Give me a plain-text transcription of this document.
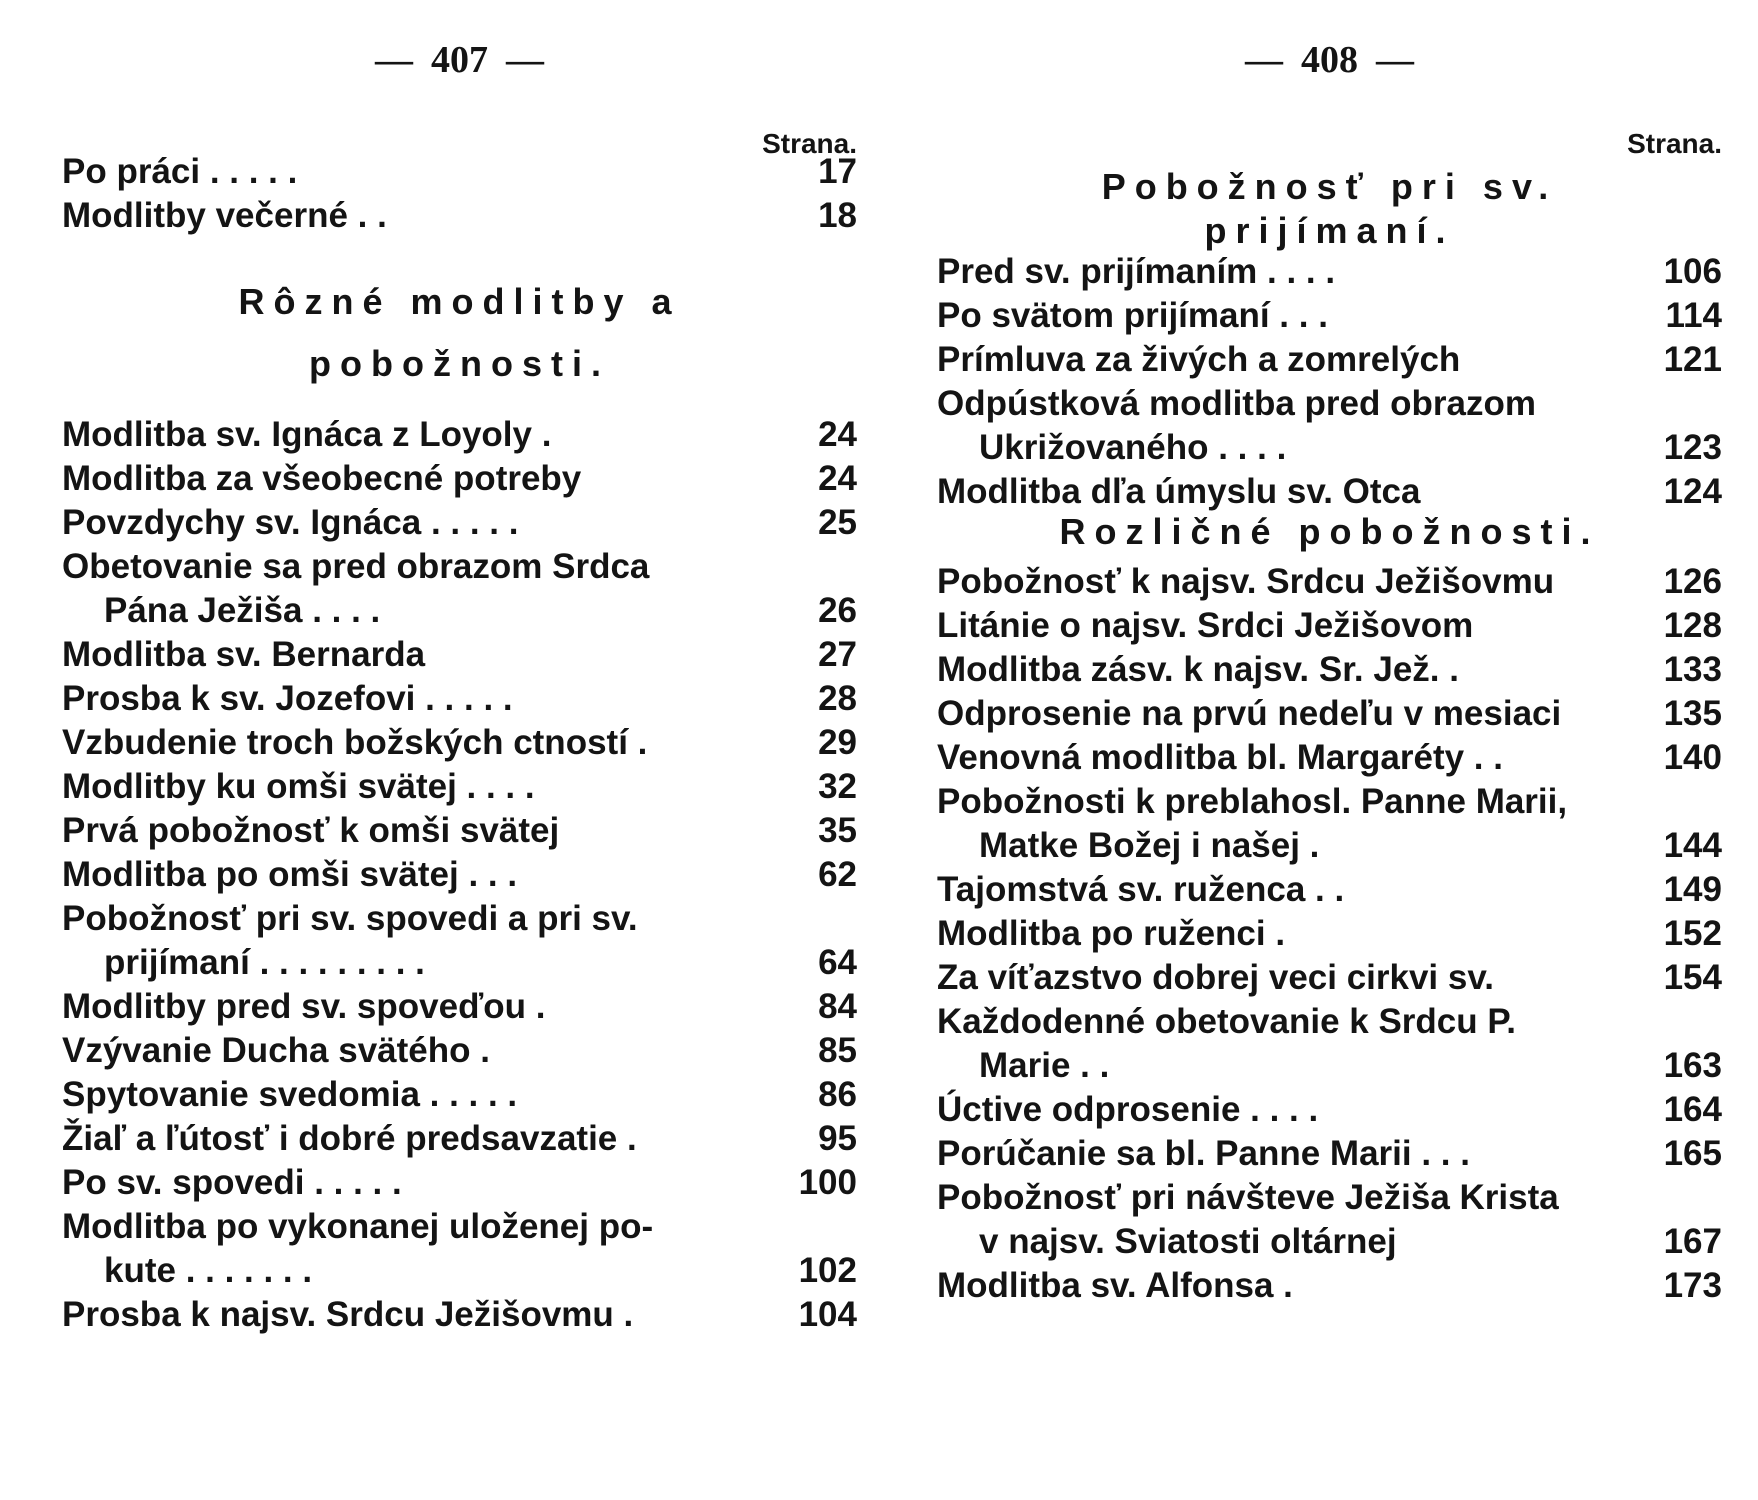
— 407 —
Strana.
Po práci . . . . .	17
Modlitby večerné . .	18
Rôzné modlitby a
pobožnosti.
Modlitba sv. Ignáca z Loyoly .	24
Modlitba za všeobecné potreby	24
Povzdychy sv. Ignáca . . . . .	25
Obetovanie sa pred obrazom Srdca
Pána Ježiša . . . .	26
Modlitba sv. Bernarda	27
Prosba k sv. Jozefovi . . . . .	28
Vzbudenie troch božských ctností .	29
Modlitby ku omši svätej . . . .	32
Prvá pobožnosť k omši svätej	35
Modlitba po omši svätej . . .	62
Pobožnosť pri sv. spovedi a pri sv.
prijímaní . . . . . . . . .	64
Modlitby pred sv. spoveďou .	84
Vzývanie Ducha svätého .	85
Spytovanie svedomia . . . . .	86
Žiaľ a ľútosť i dobré predsavzatie .	95
Po sv. spovedi . . . . .	100
Modlitba po vykonanej uloženej po-
kute . . . . . . .	102
Prosba k najsv. Srdcu Ježišovmu .	104
— 408 —
Strana.
Pobožnosť pri sv.
prijímaní.
Pred sv. prijímaním . . . .	106
Po svätom prijímaní . . .	114
Prímluva za živých a zomrelých	121
Odpústková modlitba pred obrazom
Ukrižovaného . . . .	123
Modlitba dľa úmyslu sv. Otca	124
Rozličné pobožnosti.
Pobožnosť k najsv. Srdcu Ježišovmu	126
Litánie o najsv. Srdci Ježišovom	128
Modlitba zásv. k najsv. Sr. Jež. .	133
Odprosenie na prvú nedeľu v mesiaci	135
Venovná modlitba bl. Margaréty . .	140
Pobožnosti k preblahosl. Panne Marii,
Matke Božej i našej .	144
Tajomstvá sv. ruženca . .	149
Modlitba po ruženci .	152
Za víťazstvo dobrej veci cirkvi sv.	154
Každodenné obetovanie k Srdcu P.
Marie . .	163
Úctive odprosenie . . . .	164
Porúčanie sa bl. Panne Marii . . .	165
Pobožnosť pri návšteve Ježiša Krista
v najsv. Sviatosti oltárnej	167
Modlitba sv. Alfonsa .	173
